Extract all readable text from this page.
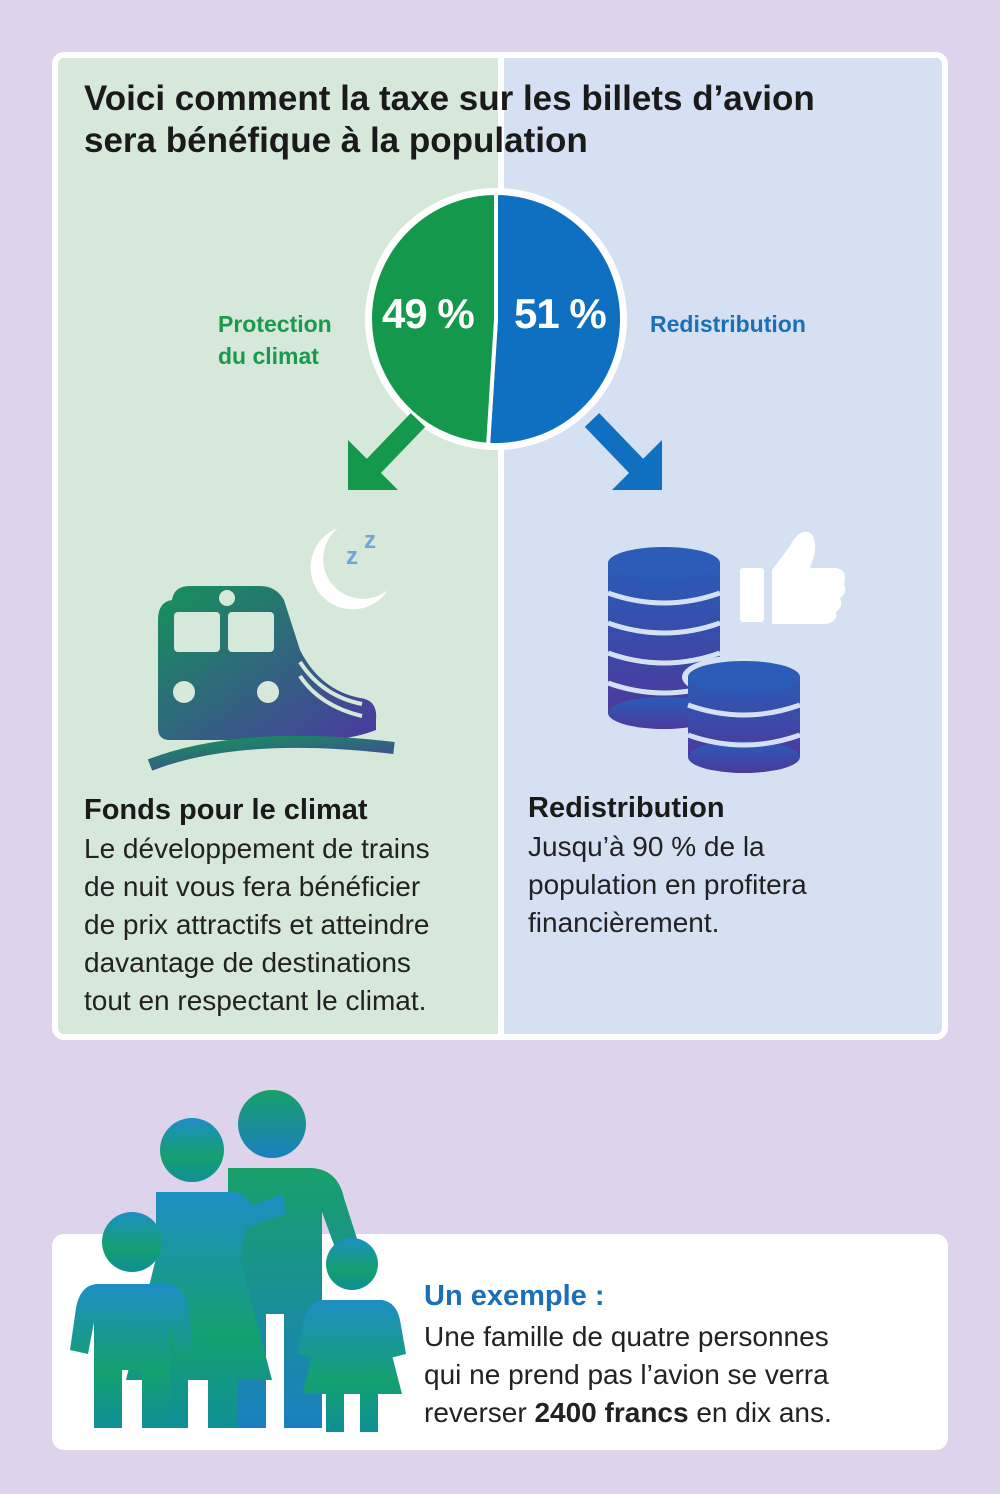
Voici comment la taxe sur les billets d’avion
sera bénéfique à la population
49 % 51 %
Protection
du climat
Redistribution
z
z
Fonds pour le climat
Le développement de trains
de nuit vous fera bénéficier
de prix attractifs et atteindre
davantage de destinations
tout en respectant le climat.
Redistribution
Jusqu’à 90 % de la
population en profitera
financièrement.
Un exemple :
Une famille de quatre personnes
qui ne prend pas l’avion se verra
reverser 2400 francs en dix ans.
